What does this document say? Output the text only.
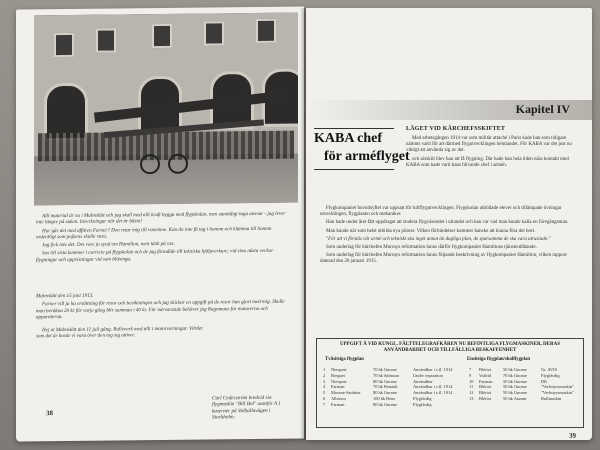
Allt material är nu i Malmslätt och jag skall med allt kraft bygga med flygskolan, men samtidigt taga ansvar - jag lever inte längre på saken. Inverkningar när det är bästa!

Hur går det med affären Farner? Den retar mig till vansinne. Kan du inte få tag i honom och klämma till honom ordentligt som pojkens skulle vara.

Jag fick inte det. Det vore ju synd om Hamilton, men tänk på oss.

Sus till sista kommer i carriere på flygskolan och de jag förmålde till tekniska hjälpverkare, vid sina nästa veckor flygningar och uppvisningar vid som blitsinga.

Malmslätt den 15 juni 1913.

Farner vill ju ha ersättning för resor och besiktningen och jag skickar en uppgift på de resor han gjort med mig. Skulle man beräkna 20 kr för varje gång blir summan i 40 kr. För närvarande behöver jag Ragnmans för motorerna och apparaterna.

Hej ut Malmslätt den 11 juli gång. Rulleverk med allt i motorvarningar. Värdet som det är borde vi vara över den tog sig utöver.

Carl Cederström bredvid sin flygmaskin "Bill Bol" utanför A 1 kaserner på Valhallavägen i Stockholm.
38
Kapitel IV
KABA chef
för arméflyget
LÄGET VID KÅRCHEFSSKIFTET

Med arbetsgången 1914 var som militär attaché i Paris kade han som tidigare nämnts varit för att därmed flygutvecklingen hemlandet. För KABA var det just nu viktigt att använda sig av det.

och särskilt blev han att få flygning. Där hade han hela tiden nära kontakt med KABA som hade varit hans blivande chef i armén.

Flygkompaniet huvudsyftet var uppsatt för luftflygutvecklingen. Flygskolan utbildade elever och tillämpade övningar utvecklingen, flygplanen och mekaniker.

Han hade under året fått uppdraget att studera flygväsendet i utlandet och han var vad man kunde kalla en föregångsman.

Man kunde när som helst utbilda nya piloter. Vilken förbindelser kommer kanske att kunna föra det bort.

"För att vi förstås vår armé och tekniskt ska inget annat än dugliga plan, de sparsamma de ska vara utrustade."

Som underlag för kårchefen Murrays reformation fanns därför flygkompaniet Hamiltons tjänsteutlåtande.

Som underlag för kårchefen Murrays reformation fanns följande beskrivning av flygkompaniet Hamilton, vilken rapport daterad den 26 januari 1915.

UPPGIFT Å VID KUNGL. FÄLTTELEGRAFKÅREN NU BEFINTLIGA FLYGMASKINER, DERAS ANVÄNDBARHET OCH TILLFÄLLIGA BESKAFFENHET
Tvåsitsiga flygplan	Ensitsiga flygplan/skolflygplan
1
2
3
4
5
6
7
Nieuport
Breguet
Nieuport
Farman
Morane-Saulnier
Albatros
Farman
70 hk Gnome
70 hk Salmson
80 hk Gnome
70 hk Renault
80 hk Gnome
100 hk Benz
80 hk Gnome
Användbar i s.fl. 1914
Under reparation
Användbar
Användbar i s.fl. 1914
Användbar i s.fl. 1914
Flygfärdig
Flygfärdig
7
9
10
11
12
13
Blériot
Valfrid
Farman
Blériot
Blériot
Blériot
50 hk Gnome
70 hk Gnome
50 hk Gnome
50 hk Gnome
50 hk Gnome
50 hk Anzani
Gr. AVIS
Flygfärdig
DK
"Verkstyrsmaskin"
"Verkstyrsmaskin"
Rullmaskin
39
